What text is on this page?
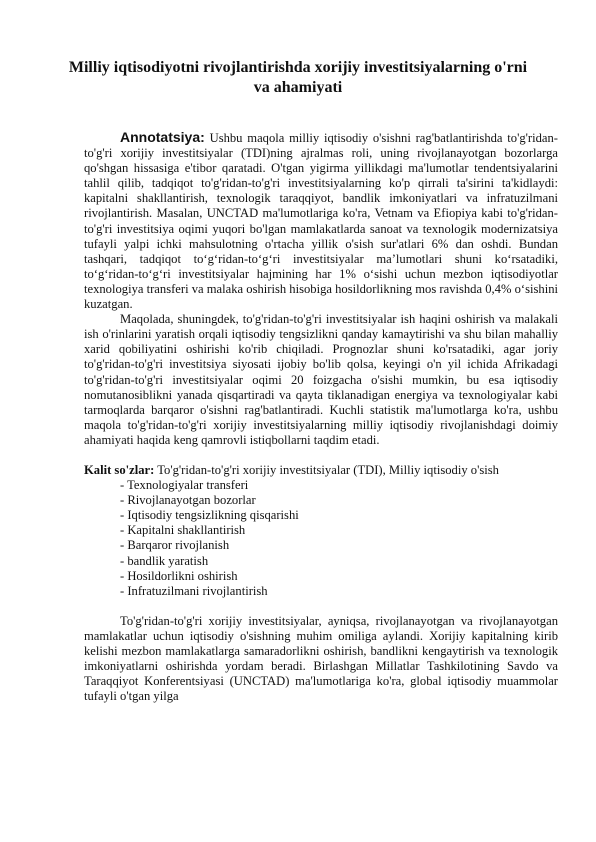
Milliy iqtisodiyotni rivojlantirishda xorijiy investitsiyalarning o'rni va ahamiyati

Annotatsiya: Ushbu maqola milliy iqtisodiy o'sishni rag'batlantirishda to'g'ridan-to'g'ri xorijiy investitsiyalar (TDI)ning ajralmas roli, uning rivojlanayotgan bozorlarga qo'shgan hissasiga e'tibor qaratadi. O'tgan yigirma yillikdagi ma'lumotlar tendentsiyalarini tahlil qilib, tadqiqot to'g'ridan-to'g'ri investitsiyalarning ko'p qirrali ta'sirini ta'kidlaydi: kapitalni shakllantirish, texnologik taraqqiyot, bandlik imkoniyatlari va infratuzilmani rivojlantirish. Masalan, UNCTAD ma'lumotlariga ko'ra, Vetnam va Efiopiya kabi to'g'ridan-to'g'ri investitsiya oqimi yuqori bo'lgan mamlakatlarda sanoat va texnologik modernizatsiya tufayli yalpi ichki mahsulotning o'rtacha yillik o'sish sur'atlari 6% dan oshdi. Bundan tashqari, tadqiqot to‘g‘ridan-to‘g‘ri investitsiyalar ma’lumotlari shuni ko‘rsatadiki, to‘g‘ridan-to‘g‘ri investitsiyalar hajmining har 1% o‘sishi uchun mezbon iqtisodiyotlar texnologiya transferi va malaka oshirish hisobiga hosildorlikning mos ravishda 0,4% o‘sishini kuzatgan.

Maqolada, shuningdek, to'g'ridan-to'g'ri investitsiyalar ish haqini oshirish va malakali ish o'rinlarini yaratish orqali iqtisodiy tengsizlikni qanday kamaytirishi va shu bilan mahalliy xarid qobiliyatini oshirishi ko'rib chiqiladi. Prognozlar shuni ko'rsatadiki, agar joriy to'g'ridan-to'g'ri investitsiya siyosati ijobiy bo'lib qolsa, keyingi o'n yil ichida Afrikadagi to'g'ridan-to'g'ri investitsiyalar oqimi 20 foizgacha o'sishi mumkin, bu esa iqtisodiy nomutanosiblikni yanada qisqartiradi va qayta tiklanadigan energiya va texnologiyalar kabi tarmoqlarda barqaror o'sishni rag'batlantiradi. Kuchli statistik ma'lumotlarga ko'ra, ushbu maqola to'g'ridan-to'g'ri xorijiy investitsiyalarning milliy iqtisodiy rivojlanishdagi doimiy ahamiyati haqida keng qamrovli istiqbollarni taqdim etadi.

Kalit so'zlar: To'g'ridan-to'g'ri xorijiy investitsiyalar (TDI), Milliy iqtisodiy o'sish

- Texnologiyalar transferi
- Rivojlanayotgan bozorlar
- Iqtisodiy tengsizlikning qisqarishi
- Kapitalni shakllantirish
- Barqaror rivojlanish
- bandlik yaratish
- Hosildorlikni oshirish
- Infratuzilmani rivojlantirish

To'g'ridan-to'g'ri xorijiy investitsiyalar, ayniqsa, rivojlanayotgan va rivojlanayotgan mamlakatlar uchun iqtisodiy o'sishning muhim omiliga aylandi. Xorijiy kapitalning kirib kelishi mezbon mamlakatlarga samaradorlikni oshirish, bandlikni kengaytirish va texnologik imkoniyatlarni oshirishda yordam beradi. Birlashgan Millatlar Tashkilotining Savdo va Taraqqiyot Konferentsiyasi (UNCTAD) ma'lumotlariga ko'ra, global iqtisodiy muammolar tufayli o'tgan yilga
